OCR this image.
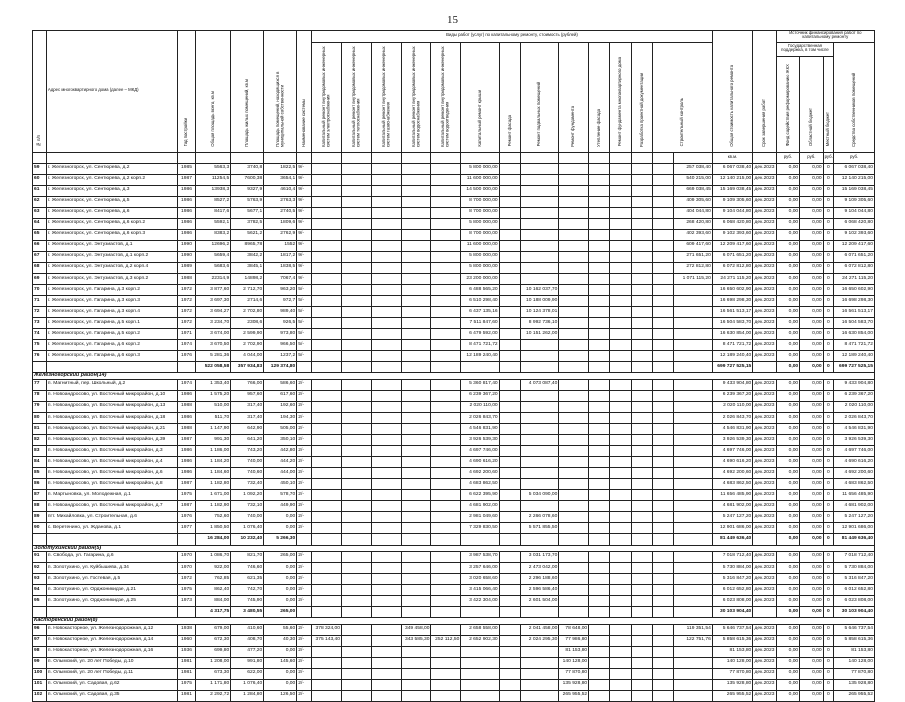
15
№ п/п	Адрес многоквартирного дома (далее – МКД)	Год постройки	Общая площадь всего, кв.м	Площадь жилых помещений, кв.м	Площадь помещений, находящихся в муниципальной собственности	Наименование системы	Виды работ (услуг) по капитальному ремонту, стоимость (рублей)														Общая стоимость капитального ремонта	Срок завершения работ	Источник финансирования работ по капитальному ремонту			
							Капитальный ремонт внутридомовых инженерных систем электроснабжения	Капитальный ремонт внутридомовых инженерных систем теплоснабжения	Капитальный ремонт внутридомовых инженерных систем газоснабжения	Капитальный ремонт внутридомовых инженерных систем водоснабжения	Капитальный ремонт внутридомовых инженерных систем водоотведения	Капитальный ремонт крыши	Ремонт фасада	Ремонт подвальных помещений	Ремонт фундамента	Утепление фасада	Ремонт фундамента многоквартирного дома	Разработка проектной документации	Строительный контроль				Государственная поддержка, в том числе			Средства собственников помещений
																							Фонд содействия реформированию ЖКХ	Областной бюджет	Местный бюджет	
																					кв.м.		руб.	руб.	руб.	руб.
59	г. Железногорск, ул. Сентюрева, д.2	1985	5563,3	3740,8	1822,5	9/-						5 800 000,00								257 038,40	6 067 038,40	дек.2023	0,00	0,00	0	6 067 038,40
60	г. Железногорск, ул. Сентюрева, д.2 корп.2	1987	11254,5	7600,38	3654,1	9/-						11 600 000,00								540 215,00	12 140 215,00	дек.2023	0,00	0,00	0	12 140 215,00
61	г. Железногорск, ул. Сентюрева, д.3	1986	13938,3	9327,9	4610,4	9/-						14 500 000,00								669 038,45	15 169 038,45	дек.2023	0,00	0,00	0	15 169 038,45
62	г. Железногорск, ул. Сентюрева, д.5	1986	8527,2	5763,9	2763,3	9/-						8 700 000,00								409 305,60	9 109 305,60	дек.2023	0,00	0,00	0	9 109 305,60
63	г. Железногорск, ул. Сентюрева, д.6	1986	8417,6	5677,1	2740,5	9/-						8 700 000,00								404 044,80	9 104 044,80	дек.2023	0,00	0,00	0	9 104 044,80
64	г. Железногорск, ул. Сентюрева, д.6 корп.2	1986	5592,1	3782,5	1809,6	9/-						5 800 000,00								268 420,80	6 068 420,80	дек.2023	0,00	0,00	0	6 068 420,80
65	г. Железногорск, ул. Сентюрева, д.6 корп.3	1986	8383,2	5621,2	2762,9	9/-						8 700 000,00								402 393,60	9 102 393,60	дек.2023	0,00	0,00	0	9 102 393,60
66	г. Железногорск, ул. Энтузиастов, д.1	1990	12696,2	8965,78	1552	9/-						11 600 000,00								609 417,60	12 209 417,60	дек.2023	0,00	0,00	0	12 209 417,60
67	г. Железногорск, ул. Энтузиастов, д.1 корп.2	1990	5659,4	3842,2	1817,2	9/-						5 800 000,00								271 651,20	6 071 651,20	дек.2023	0,00	0,00	0	6 071 651,20
68	г. Железногорск, ул. Энтузиастов, д.2 корп.4	1989	5683,6	3845,1	1838,5	9/-						5 800 000,00								272 812,80	6 072 812,80	дек.2023	0,00	0,00	0	6 072 812,80
69	г. Железногорск, ул. Энтузиастов, д.3 корп.2	1988	22314,9	14898,2	7067,4	9/-						23 200 000,00								1 071 115,20	24 271 115,20	дек.2023	0,00	0,00	0	24 271 115,20
70	г. Железногорск, ул. Гагарина, д.3 корп.2	1972	3 877,60	2 712,70	963,20	5/-						6 488 565,20		10 162 037,70							16 650 602,90	дек.2023	0,00	0,00	0	16 650 602,90
71	г. Железногорск, ул. Гагарина, д.3 корп.3	1972	3 697,30	2714,6	972,7	5/-						6 510 298,40		10 188 009,90							16 698 298,30	дек.2023	0,00	0,00	0	16 698 298,30
72	г. Железногорск, ул. Гагарина, д.3 корп.4	1972	3 694,27	2 702,80	989,40	5/-						6 437 135,16		10 124 378,01							16 561 513,17	дек.2023	0,00	0,00	0	16 561 513,17
73	г. Железногорск, ул. Гагарина, д.5 корп.1	1972	3 234,70	2308,6	926,5	5/-						7 511 847,60		8 992 736,10							16 504 583,70	дек.2023	0,00	0,00	0	16 504 583,70
74	г. Железногорск, ул. Гагарина, д.5 корп.2	1971	3 674,00	2 599,90	973,80	5/-						6 479 592,00		10 151 262,00							16 630 854,00	дек.2023	0,00	0,00	0	16 630 854,00
75	г. Железногорск, ул. Гагарина, д.6 корп.2	1974	3 670,50	2 702,90	966,50	5/-						8 471 721,72									8 471 721,72	дек.2023	0,00	0,00	0	8 471 721,72
76	г. Железногорск, ул. Гагарина, д.6 корп.3	1976	5 281,36	4 044,00	1237,2	5/-						12 189 240,40									12 189 240,40	дек.2023	0,00	0,00	0	12 189 240,40
			522 058,58	357 934,83	129 374,80																699 727 525,15		0,00	0,00	0	699 727 525,15
Железногорский район(14)																										
77	п. Магнитный, пер. Школьный, д.2	1974	1 353,40	766,00	586,60	2/-						5 360 817,40		4 073 087,40							9 433 904,80	дек.2023	0,00	0,00	0	9 433 904,80
78	п. Новоандросово, ул. Восточный микрорайон, д.10	1986	1 575,20	957,60	617,60	2/-						6 239 367,20									6 239 367,20	дек.2023	0,00	0,00	0	6 239 367,20
79	п. Новоандросово, ул. Восточный микрорайон, д.13	1988	510,00	317,40	192,60	2/-						2 020 110,00									2 020 110,00	дек.2023	0,00	0,00	0	2 020 110,00
80	п. Новоандросово, ул. Восточный микрорайон, д.18	1986	511,70	317,40	194,30	2/-						2 026 843,70									2 026 843,70	дек.2023	0,00	0,00	0	2 026 843,70
81	п. Новоандросово, ул. Восточный микрорайон, д.21	1988	1 147,90	642,90	505,00	2/-						4 546 831,90									4 546 831,90	дек.2023	0,00	0,00	0	4 546 831,90
82	п. Новоандросово, ул. Восточный микрорайон, д.39	1987	991,30	641,20	350,10	2/-						3 926 539,30									3 926 539,30	дек.2023	0,00	0,00	0	3 926 539,30
83	п. Новоандросово, ул. Восточный микрорайон, д.3	1986	1 186,00	743,20	442,80	2/-						4 697 746,00									4 697 746,00	дек.2023	0,00	0,00	0	4 697 746,00
84	п. Новоандросово, ул. Восточный микрорайон, д.4	1986	1 184,20	740,00	444,20	2/-						4 690 616,20									4 690 616,20	дек.2023	0,00	0,00	0	4 690 616,20
85	п. Новоандросово, ул. Восточный микрорайон, д.6	1986	1 184,60	740,60	444,00	2/-						4 692 200,60									4 692 200,60	дек.2023	0,00	0,00	0	4 692 200,60
86	п. Новоандросово, ул. Восточный микрорайон, д.8	1987	1 182,80	732,40	450,10	2/-						4 683 862,50									4 683 862,50	дек.2023	0,00	0,00	0	4 683 862,50
87	п. Мартыновка, ул. Молодежная, д.1	1975	1 671,00	1 092,20	578,70	2/-						6 622 395,90		5 034 090,00							11 656 485,90	дек.2023	0,00	0,00	0	11 656 485,90
88	п. Новоандросово, ул. Восточный микрорайон, д.7	1987	1 182,90	732,10	449,90	2/-						4 681 902,00									4 681 902,00	дек.2023	0,00	0,00	0	4 681 902,00
89	пгт. Михайловка, ул. Строительная, д.6	1976	752,60	740,00	0,00	2/-						2 981 049,60		2 266 078,60							5 247 127,20	дек.2023	0,00	0,00	0	5 247 127,20
90	с. Веретенино, ул. Жданова, д.1	1977	1 850,50	1 076,40	0,00	2/-						7 329 830,50		5 571 855,50							12 901 686,00	дек.2023	0,00	0,00	0	12 901 686,00
			16 284,00	10 232,40	5 266,30																81 449 636,40		0,00	0,00	0	81 449 636,40
Золотухинский район(5)																										
91	п. Свобода, ул. Гагарина, д.6	1970	1 086,70	821,70	265,00	2/-						3 987 538,70		3 031 173,70							7 018 712,40	дек.2023	0,00	0,00	0	7 018 712,40
92	п. Золотухино, ул. Куйбышева, д.34	1970	922,00	746,60	0,00	2/-						3 257 646,00		2 473 042,00							5 730 884,00	дек.2023	0,00	0,00	0	5 730 884,00
93	п. Золотухино, ул. Гостевая, д.5	1972	762,85	621,35	0,00	2/-						3 020 658,60		2 296 188,60							5 316 847,20	дек.2023	0,00	0,00	0	5 316 847,20
94	п. Золотухино, ул. Орджоникидзе, д.21	1975	862,40	742,70	0,00	2/-						3 415 066,40		2 596 586,40							6 012 652,80	дек.2023	0,00	0,00	0	6 012 652,80
95	п. Золотухино, ул. Орджоникидзе, д.25	1973	884,00	745,90	0,00	2/-						3 422 304,00		2 601 504,00							6 023 808,00	дек.2023	0,00	0,00	0	6 023 808,00
			4 317,75	3 480,55	265,00																30 103 904,40		0,00	0,00	0	30 103 904,40
Касторенский район(8)																										
96	п. Новокасторное, ул. Железнодорожная, д.12	1938	679,00	410,60	55,60	2/-	378 324,00			349 458,00		2 658 558,00		2 041 458,00	78 648,00					119 351,54	5 646 737,54	дек.2023	0,00	0,00	0	5 646 737,54
97	п. Новокасторное, ул. Железнодорожная, д.14	1960	672,30	408,70	40,30	2/-	375 143,40			343 585,30	252 112,50	2 652 902,30		2 024 295,30	77 986,80					122 751,76	5 858 615,36	дек.2023	0,00	0,00	0	5 858 615,36
98	п. Новокасторное, ул. Железнодорожная, д.16	1936	699,80	477,20	0,00	2/-									81 153,80						81 153,80	дек.2023	0,00	0,00	0	81 153,80
99	п. Олымский, ул. 20 лет Победы, д.10	1981	1 208,00	991,80	145,60	2/-									140 128,00						140 128,00	дек.2023	0,00	0,00	0	140 128,00
100	п. Олымский, ул. 20 лет Победы, д.11	1981	673,30	622,00	0,00	2/-									77 870,80						77 870,80	дек.2023	0,00	0,00	0	77 870,80
101	п. Олымский, ул. Садовая, д.62	1975	1 171,80	1 076,40	0,00	2/-									135 928,80						135 928,80	дек.2023	0,00	0,00	0	135 928,80
102	п. Олымский, ул. Садовая, д.35	1981	2 292,72	1 284,80	126,50	2/-									265 955,52						265 955,52	дек.2023	0,00	0,00	0	265 955,52
